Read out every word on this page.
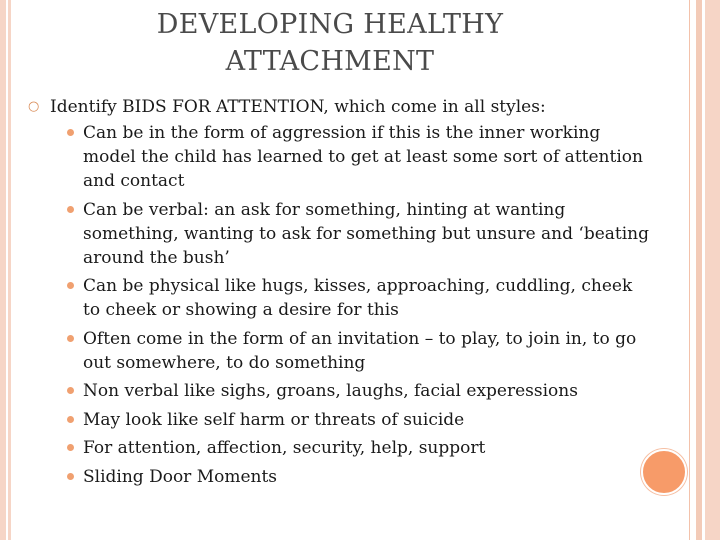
DEVELOPING HEALTHY
ATTACHMENT
○ Identify BIDS FOR ATTENTION, which come in all styles:
Can be in the form of aggression if this is the inner working model the child has learned to get at least some sort of attention and contact
Can be verbal: an ask for something, hinting at wanting something, wanting to ask for something but unsure and ‘beating around the bush’
Can be physical like hugs, kisses, approaching, cuddling, cheek to cheek or showing a desire for this
Often come in the form of an invitation – to play, to join in, to go out somewhere, to do something
Non verbal like sighs, groans, laughs, facial experessions
May look like self harm or threats of suicide
For attention, affection, security, help, support
Sliding Door Moments
